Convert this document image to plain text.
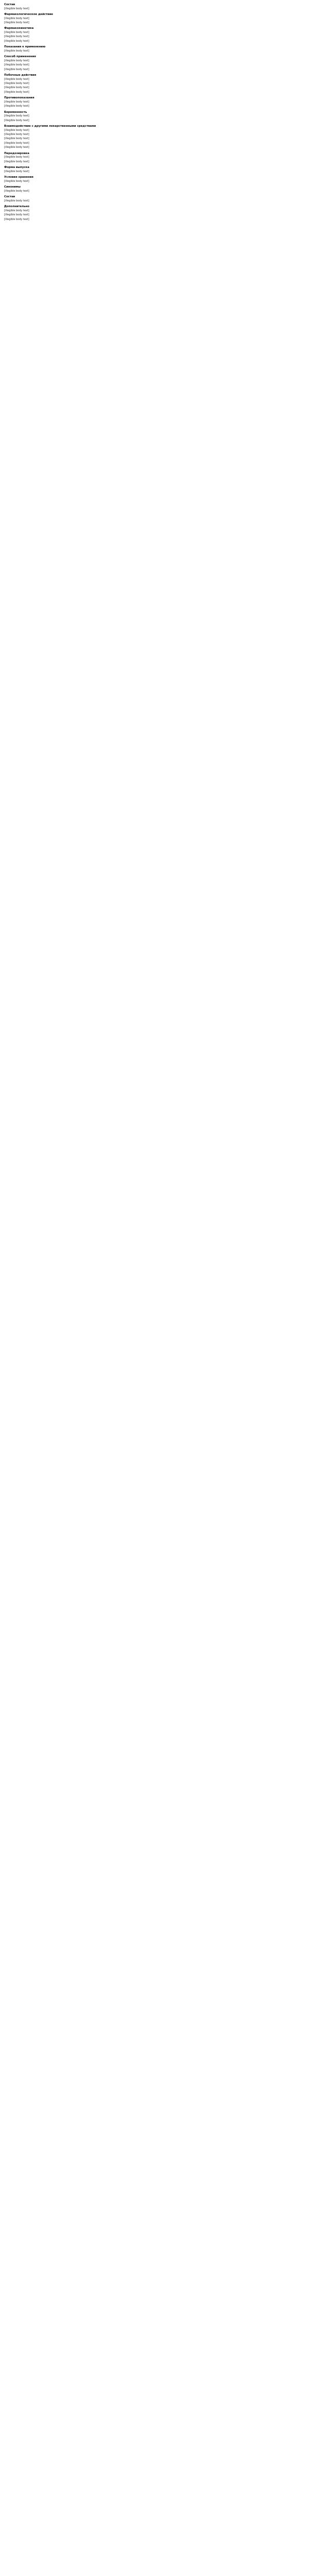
Состав

[illegible body text]

Фармакологическое действие

[illegible body text]

[illegible body text]

Фармакокинетика

[illegible body text]

[illegible body text]

[illegible body text]

Показания к применению

[illegible body text]

Способ применения

[illegible body text]

[illegible body text]

[illegible body text]

Побочные действия

[illegible body text]

[illegible body text]

[illegible body text]

[illegible body text]

Противопоказания

[illegible body text]

[illegible body text]

Беременность

[illegible body text]

[illegible body text]

Взаимодействие с другими лекарственными средствами

[illegible body text]

[illegible body text]

[illegible body text]

[illegible body text]

[illegible body text]

Передозировка

[illegible body text]

[illegible body text]

Форма выпуска

[illegible body text]

Условия хранения

[illegible body text]

Синонимы

[illegible body text]

Состав

[illegible body text]

Дополнительно

[illegible body text]

[illegible body text]

[illegible body text]
